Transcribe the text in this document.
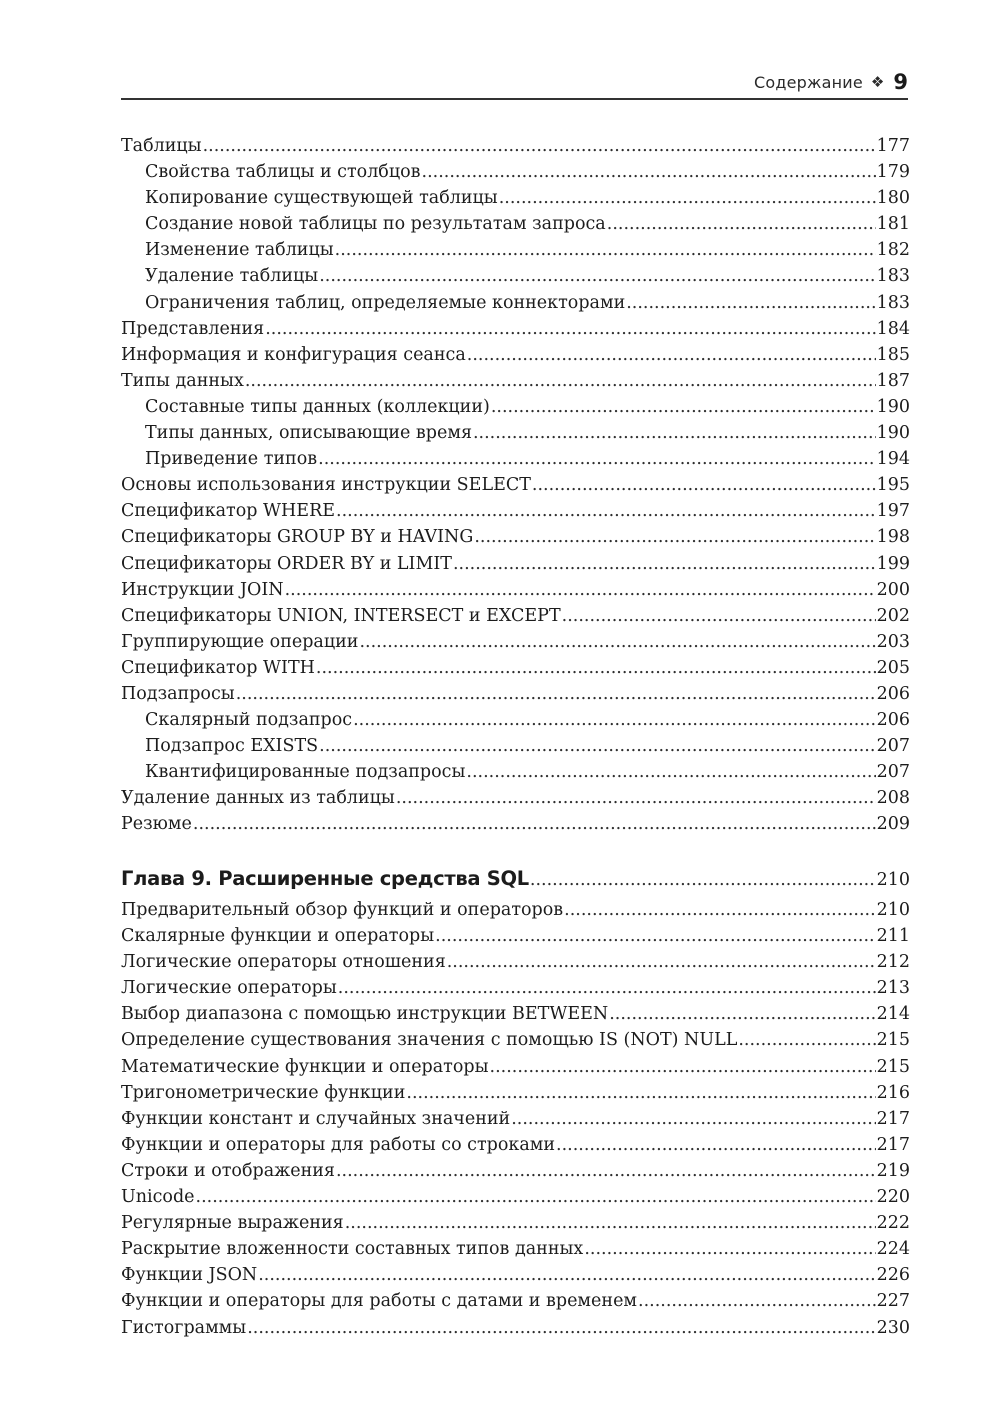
Содержание ❖ 9
Таблицы .....	177
Свойства таблицы и столбцов .....	179
Копирование существующей таблицы .....	180
Создание новой таблицы по результатам запроса .....	181
Изменение таблицы .....	182
Удаление таблицы .....	183
Ограничения таблиц, определяемые коннекторами .....	183
Представления .....	184
Информация и конфигурация сеанса .....	185
Типы данных .....	187
Составные типы данных (коллекции) .....	190
Типы данных, описывающие время .....	190
Приведение типов .....	194
Основы использования инструкции SELECT .....	195
Спецификатор WHERE .....	197
Спецификаторы GROUP BY и HAVING .....	198
Спецификаторы ORDER BY и LIMIT .....	199
Инструкции JOIN .....	200
Спецификаторы UNION, INTERSECT и EXCEPT .....	202
Группирующие операции .....	203
Спецификатор WITH .....	205
Подзапросы .....	206
Скалярный подзапрос .....	206
Подзапрос EXISTS .....	207
Квантифицированные подзапросы .....	207
Удаление данных из таблицы .....	208
Резюме .....	209
Глава 9. Расширенные средства SQL .....	210
Предварительный обзор функций и операторов .....	210
Скалярные функции и операторы .....	211
Логические операторы отношения .....	212
Логические операторы .....	213
Выбор диапазона с помощью инструкции BETWEEN .....	214
Определение существования значения с помощью IS (NOT) NULL .....	215
Математические функции и операторы .....	215
Тригонометрические функции .....	216
Функции констант и случайных значений .....	217
Функции и операторы для работы со строками .....	217
Строки и отображения .....	219
Unicode .....	220
Регулярные выражения .....	222
Раскрытие вложенности составных типов данных .....	224
Функции JSON .....	226
Функции и операторы для работы с датами и временем .....	227
Гистограммы .....	230
